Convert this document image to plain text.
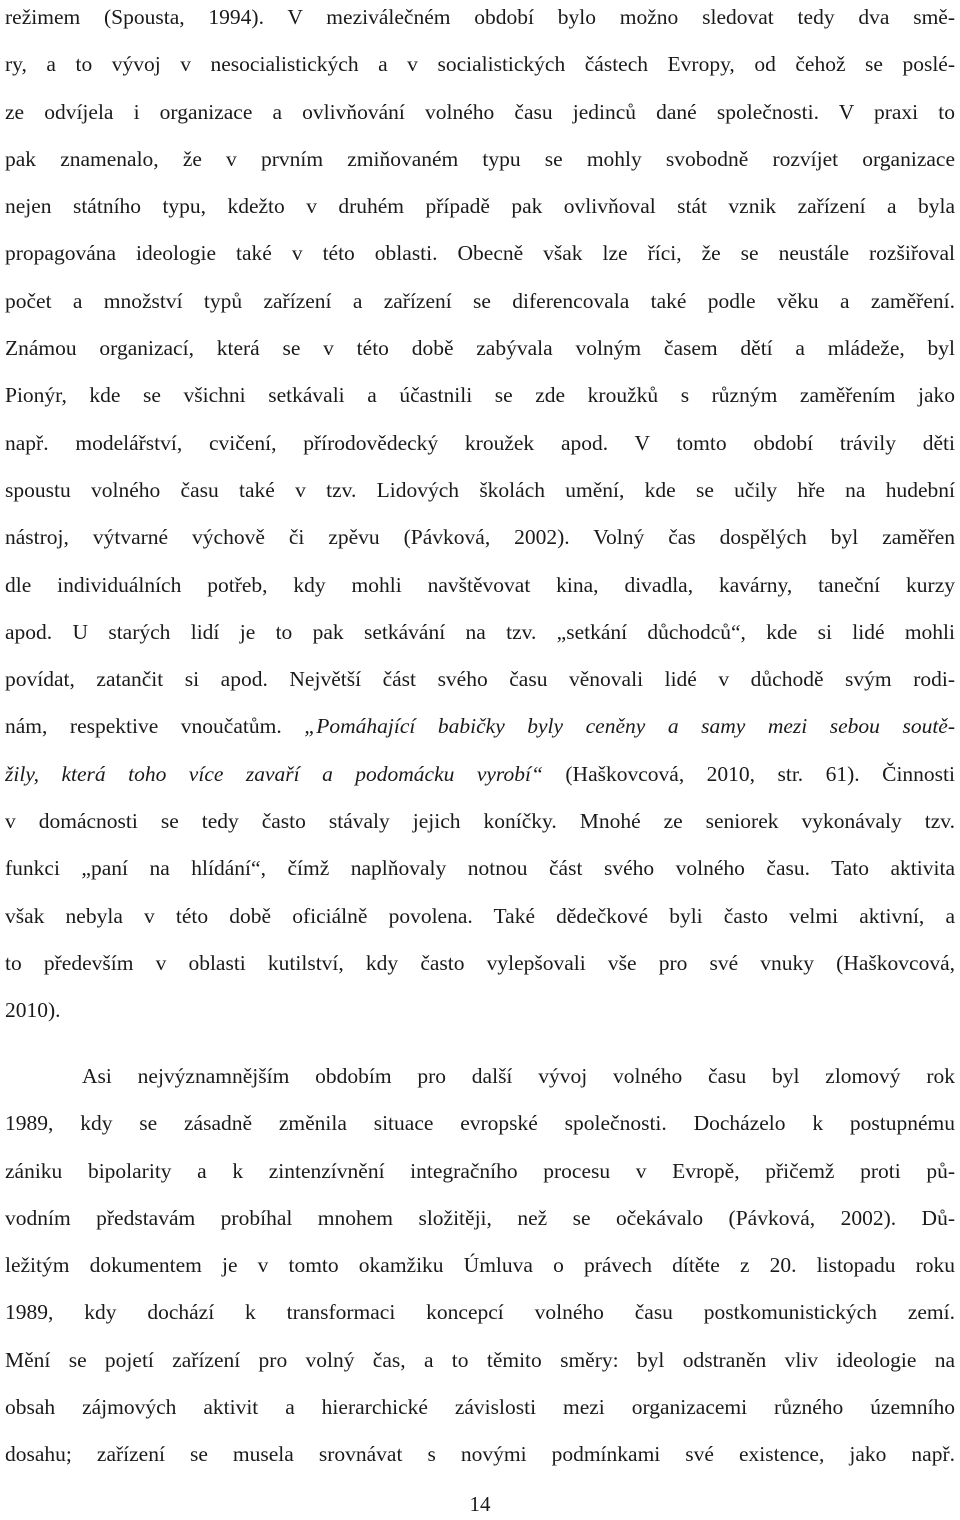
režimem (Spousta, 1994). V meziválečném období bylo možno sledovat tedy dva smě-
ry, a to vývoj v nesocialistických a v socialistických částech Evropy, od čehož se poslé-
ze odvíjela i organizace a ovlivňování volného času jedinců dané společnosti. V praxi to
pak znamenalo, že v prvním zmiňovaném typu se mohly svobodně rozvíjet organizace
nejen státního typu, kdežto v druhém případě pak ovlivňoval stát vznik zařízení a byla
propagována ideologie také v této oblasti. Obecně však lze říci, že se neustále rozšiřoval
počet a množství typů zařízení a zařízení se diferencovala také podle věku a zaměření.
Známou organizací, která se v této době zabývala volným časem dětí a mládeže, byl
Pionýr, kde se všichni setkávali a účastnili se zde kroužků s různým zaměřením jako
např. modelářství, cvičení, přírodovědecký kroužek apod. V tomto období trávily děti
spoustu volného času také v tzv. Lidových školách umění, kde se učily hře na hudební
nástroj, výtvarné výchově či zpěvu (Pávková, 2002). Volný čas dospělých byl zaměřen
dle individuálních potřeb, kdy mohli navštěvovat kina, divadla, kavárny, taneční kurzy
apod. U starých lidí je to pak setkávání na tzv. „setkání důchodců“, kde si lidé mohli
povídat, zatančit si apod. Největší část svého času věnovali lidé v důchodě svým rodi-
nám, respektive vnoučatům. „Pomáhající babičky byly ceněny a samy mezi sebou soutě-
žily, která toho více zavaří a podomácku vyrobí“ (Haškovcová, 2010, str. 61). Činnosti
v domácnosti se tedy často stávaly jejich koníčky. Mnohé ze seniorek vykonávaly tzv.
funkci „paní na hlídání“, čímž naplňovaly notnou část svého volného času. Tato aktivita
však nebyla v této době oficiálně povolena. Také dědečkové byli často velmi aktivní, a
to především v oblasti kutilství, kdy často vylepšovali vše pro své vnuky (Haškovcová,
2010).
Asi nejvýznamnějším obdobím pro další vývoj volného času byl zlomový rok
1989, kdy se zásadně změnila situace evropské společnosti. Docházelo k postupnému
zániku bipolarity a k zintenzívnění integračního procesu v Evropě, přičemž proti pů-
vodním představám probíhal mnohem složitěji, než se očekávalo (Pávková, 2002). Dů-
ležitým dokumentem je v tomto okamžiku Úmluva o právech dítěte z 20. listopadu roku
1989, kdy dochází k transformaci koncepcí volného času postkomunistických zemí.
Mění se pojetí zařízení pro volný čas, a to těmito směry: byl odstraněn vliv ideologie na
obsah zájmových aktivit a hierarchické závislosti mezi organizacemi různého územního
dosahu; zařízení se musela srovnávat s novými podmínkami své existence, jako např.
14
